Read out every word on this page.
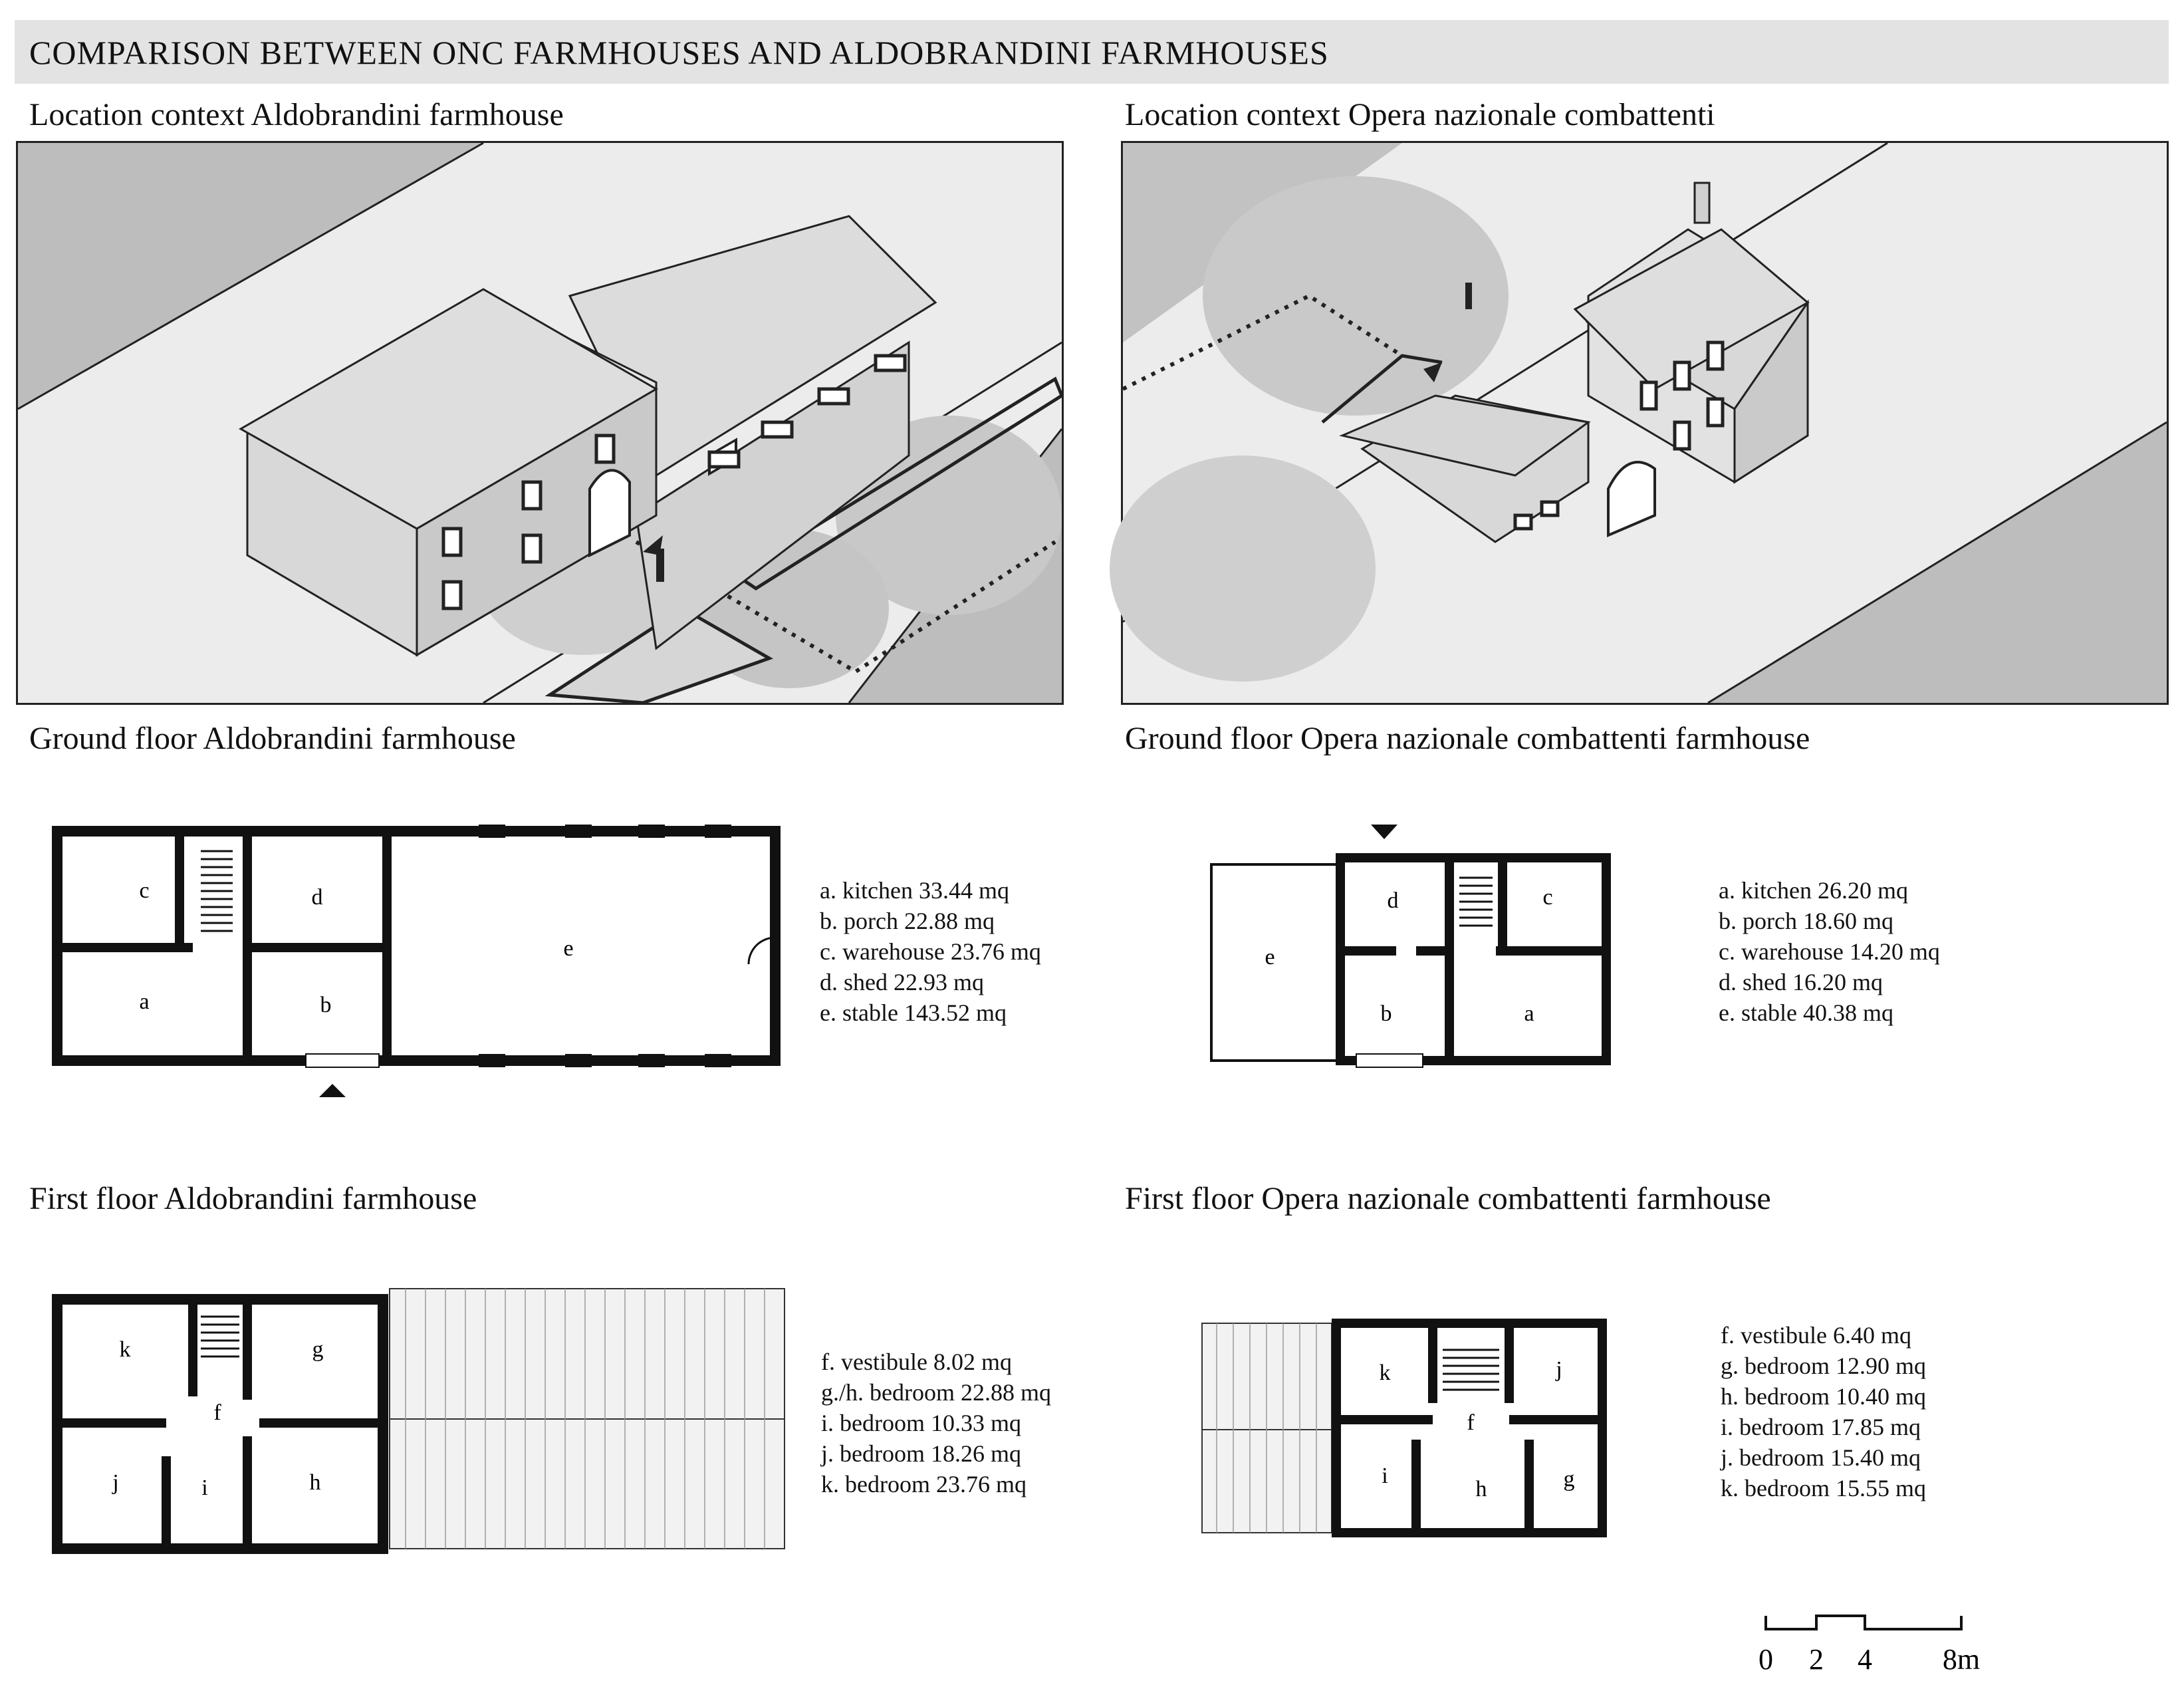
COMPARISON BETWEEN ONC FARMHOUSES AND ALDOBRANDINI FARMHOUSES
Location context Aldobrandini farmhouse	Location context Opera nazionale combattenti
Ground floor Aldobrandini farmhouse	Ground floor Opera nazionale combattenti farmhouse
First floor Aldobrandini farmhouse	First floor Opera nazionale combattenti farmhouse
c
a
d
b
e
a. kitchen 33.44 mq
b. porch 22.88 mq
c. warehouse 23.76 mq
d. shed 22.93 mq
e. stable 143.52 mq
d	c
e
b	a
a. kitchen 26.20 mq
b. porch 18.60 mq
c. warehouse 14.20 mq
d. shed 16.20 mq
e. stable 40.38 mq
k	g
f
j	i	h
f. vestibule 8.02 mq
g./h. bedroom 22.88 mq
i. bedroom 10.33 mq
j. bedroom 18.26 mq
k. bedroom 23.76 mq
k	j
f
i
h	g
f. vestibule 6.40 mq
g. bedroom 12.90 mq
h. bedroom 10.40 mq
i. bedroom 17.85 mq
j. bedroom 15.40 mq
k. bedroom 15.55 mq
0 2 4 8m
